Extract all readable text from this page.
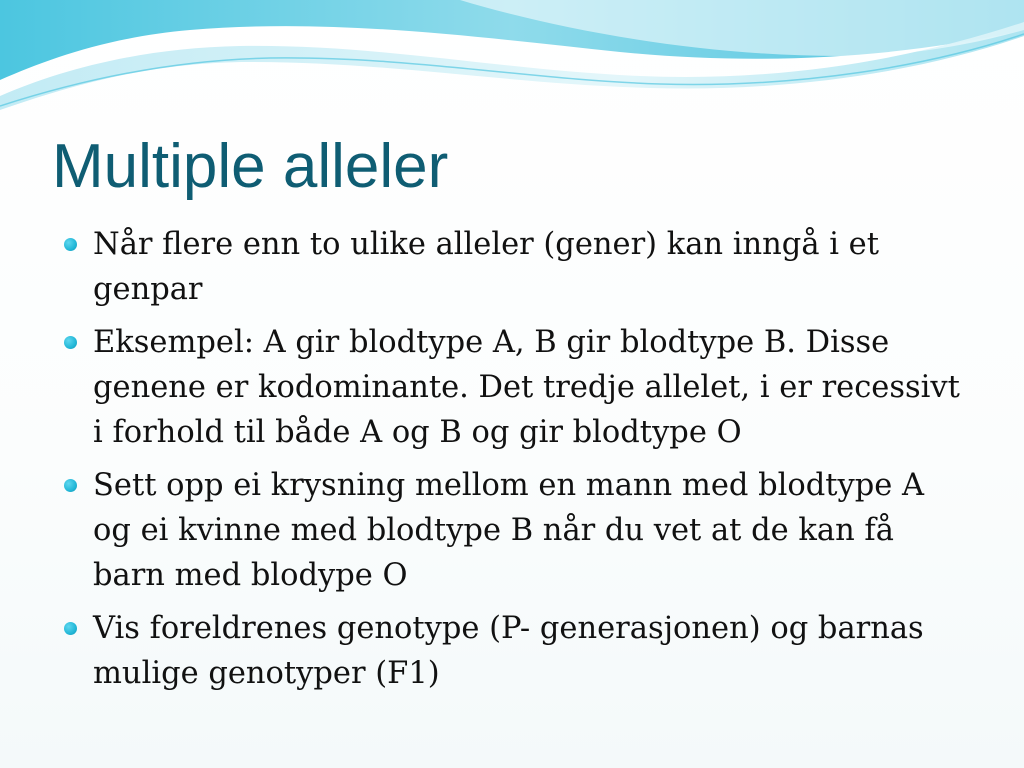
Multiple alleler
Når flere enn to ulike alleler (gener) kan inngå i et
genpar
Eksempel: A gir blodtype A, B gir blodtype B. Disse
genene er kodominante. Det tredje allelet, i er recessivt
i forhold til både A og B og gir blodtype O
Sett opp ei krysning mellom en mann med blodtype A
og ei kvinne med blodtype B når du vet at de kan få
barn med blodype O
Vis foreldrenes genotype (P- generasjonen) og barnas
mulige genotyper (F1)
